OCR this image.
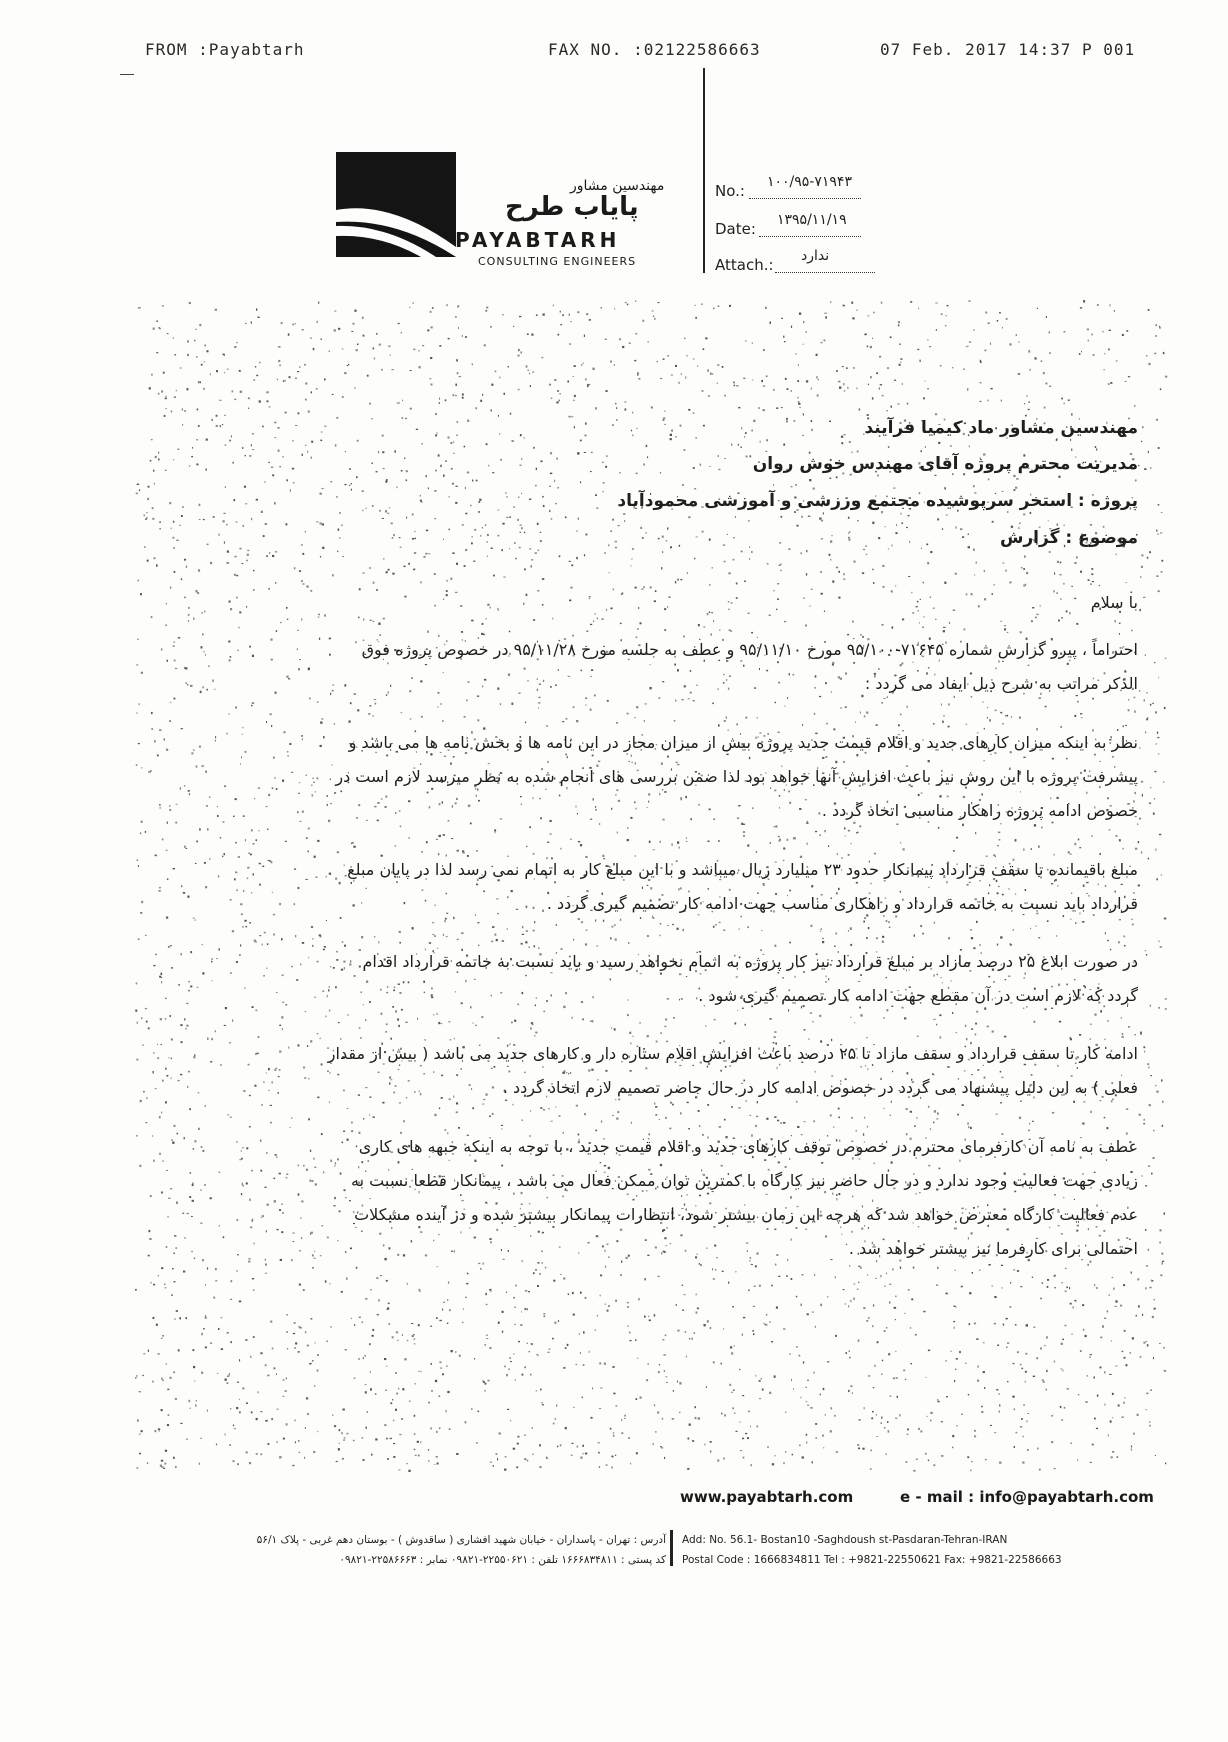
FROM :Payabtarh	FAX NO. :02122586663	07 Feb. 2017 14:37 P 001
مهندسین مشاور
پایاب طرح
PAYABTARH
CONSULTING ENGINEERS
No.: ۱۰۰/۹۵-۷۱۹۴۳
Date: ۱۳۹۵/۱۱/۱۹
Attach.: ندارد
مهندسین مشاور ماد کیمیا فرآیند
مدیریت محترم پروژه آقای مهندس خوش روان
پروژه : استخر سرپوشیده مجتمع ورزشی و آموزشی محمودآباد
موضوع : گزارش
با سلام
احتراماً ، پیرو گزارش شماره ۷۱۶۴۵-۹۵/۱۰۰ مورخ ۹۵/۱۱/۱۰ و عطف به جلسه مورخ ۹۵/۱۱/۲۸ در خصوص پروژه فوق
الذکر مراتب به شرح ذیل ایفاد می گردد :
نظر به اینکه میزان کارهای جدید و اقلام قیمت جدید پروژه بیش از میزان مجاز در این نامه ها و بخش نامه ها می باشد و
پیشرفت پروژه با این روش نیز باعث افزایش آنها خواهد بود لذا ضمن بررسی های انجام شده به نظر میرسد لازم است در
خصوص ادامه پروژه راهکار مناسبی اتخاذ گردد .
مبلغ باقیمانده تا سقف قرارداد پیمانکار حدود ۲۳ میلیارد ریال میباشد و با این مبلغ کار به اتمام نمی رسد لذا در پایان مبلغ
قرارداد باید نسبت به خاتمه قرارداد و راهکاری مناسب جهت ادامه کار تصمیم گیری گردد .
در صورت ابلاغ ۲۵ درصد مازاد بر مبلغ قرارداد نیز کار پروژه به اتمام نخواهد رسید و باید نسبت به خاتمه قرارداد اقدام
گردد که لازم است در آن مقطع جهت ادامه کار تصمیم گیری شود .
ادامه کار تا سقف قرارداد و سقف مازاد تا ۲۵ درصد باعث افزایش اقلام ستاره دار و کارهای جدید می باشد ( بیش از مقدار
فعلی ) به این دلیل پیشنهاد می گردد در خصوص ادامه کار در حال حاضر تصمیم لازم اتخاذ گردد .
عطف به نامه آن کارفرمای محترم در خصوص توقف کارهای جدید و اقلام قیمت جدید ، با توجه به اینکه جبهه های کاری
زیادی جهت فعالیت وجود ندارد و در حال حاضر نیز کارگاه با کمترین توان ممکن فعال می باشد ، پیمانکار قطعا نسبت به
عدم فعالیت کارگاه معترض خواهد شد که هرچه این زمان بیشتر شود، انتظارات پیمانکار بیشتر شده و در آینده مشکلات
احتمالی برای کارفرما نیز بیشتر خواهد شد .
www.payabtarh.com	e - mail : info@payabtarh.com
آدرس : تهران - پاسداران - خیابان شهید افشاری ( ساقدوش ) - بوستان دهم غربی - پلاک ۵۶/۱
کد پستی : ۱۶۶۶۸۳۴۸۱۱ تلفن : ۲۲۵۵۰۶۲۱-۰۹۸۲۱ نمابر : ۲۲۵۸۶۶۶۳-۰۹۸۲۱
Add: No. 56.1- Bostan10 -Saghdoush st-Pasdaran-Tehran-IRAN
Postal Code : 1666834811 Tel : +9821-22550621 Fax: +9821-22586663
